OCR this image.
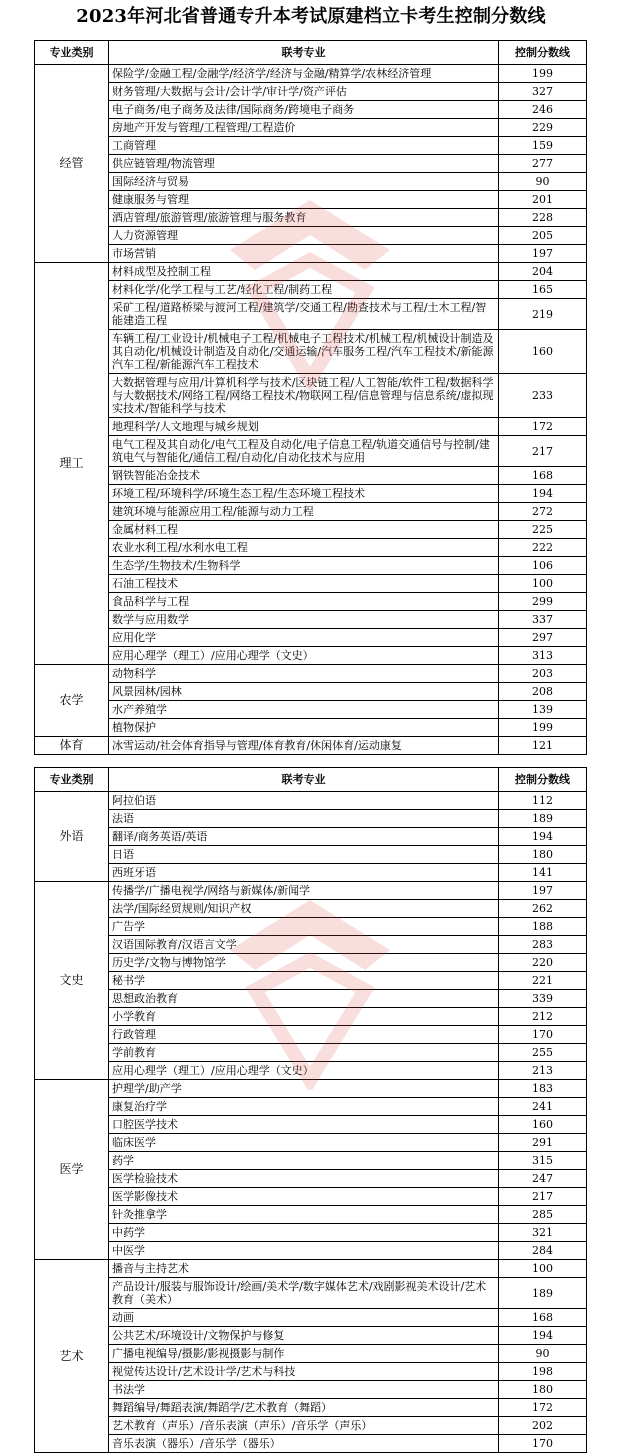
2023年河北省普通专升本考试原建档立卡考生控制分数线
专业类别	联考专业	控制分数线
经管	保险学/金融工程/金融学/经济学/经济与金融/精算学/农林经济管理	199
	财务管理/大数据与会计/会计学/审计学/资产评估	327
	电子商务/电子商务及法律/国际商务/跨境电子商务	246
	房地产开发与管理/工程管理/工程造价	229
	工商管理	159
	供应链管理/物流管理	277
	国际经济与贸易	90
	健康服务与管理	201
	酒店管理/旅游管理/旅游管理与服务教育	228
	人力资源管理	205
	市场营销	197
理工	材料成型及控制工程	204
	材料化学/化学工程与工艺/轻化工程/制药工程	165
	采矿工程/道路桥梁与渡河工程/建筑学/交通工程/勘查技术与工程/土木工程/智能建造工程	219
	车辆工程/工业设计/机械电子工程/机械电子工程技术/机械工程/机械设计制造及其自动化/机械设计制造及自动化/交通运输/汽车服务工程/汽车工程技术/新能源汽车工程/新能源汽车工程技术	160
	大数据管理与应用/计算机科学与技术/区块链工程/人工智能/软件工程/数据科学与大数据技术/网络工程/网络工程技术/物联网工程/信息管理与信息系统/虚拟现实技术/智能科学与技术	233
	地理科学/人文地理与城乡规划	172
	电气工程及其自动化/电气工程及自动化/电子信息工程/轨道交通信号与控制/建筑电气与智能化/通信工程/自动化/自动化技术与应用	217
	钢铁智能冶金技术	168
	环境工程/环境科学/环境生态工程/生态环境工程技术	194
	建筑环境与能源应用工程/能源与动力工程	272
	金属材料工程	225
	农业水利工程/水利水电工程	222
	生态学/生物技术/生物科学	106
	石油工程技术	100
	食品科学与工程	299
	数学与应用数学	337
	应用化学	297
	应用心理学（理工）/应用心理学（文史）	313
农学	动物科学	203
	风景园林/园林	208
	水产养殖学	139
	植物保护	199
体育	冰雪运动/社会体育指导与管理/体育教育/休闲体育/运动康复	121
专业类别	联考专业	控制分数线
外语	阿拉伯语	112
	法语	189
	翻译/商务英语/英语	194
	日语	180
	西班牙语	141
文史	传播学/广播电视学/网络与新媒体/新闻学	197
	法学/国际经贸规则/知识产权	262
	广告学	188
	汉语国际教育/汉语言文学	283
	历史学/文物与博物馆学	220
	秘书学	221
	思想政治教育	339
	小学教育	212
	行政管理	170
	学前教育	255
	应用心理学（理工）/应用心理学（文史）	213
医学	护理学/助产学	183
	康复治疗学	241
	口腔医学技术	160
	临床医学	291
	药学	315
	医学检验技术	247
	医学影像技术	217
	针灸推拿学	285
	中药学	321
	中医学	284
艺术	播音与主持艺术	100
	产品设计/服装与服饰设计/绘画/美术学/数字媒体艺术/戏剧影视美术设计/艺术教育（美术）	189
	动画	168
	公共艺术/环境设计/文物保护与修复	194
	广播电视编导/摄影/影视摄影与制作	90
	视觉传达设计/艺术设计学/艺术与科技	198
	书法学	180
	舞蹈编导/舞蹈表演/舞蹈学/艺术教育（舞蹈）	172
	艺术教育（声乐）/音乐表演（声乐）/音乐学（声乐）	202
	音乐表演（器乐）/音乐学（器乐）	170
